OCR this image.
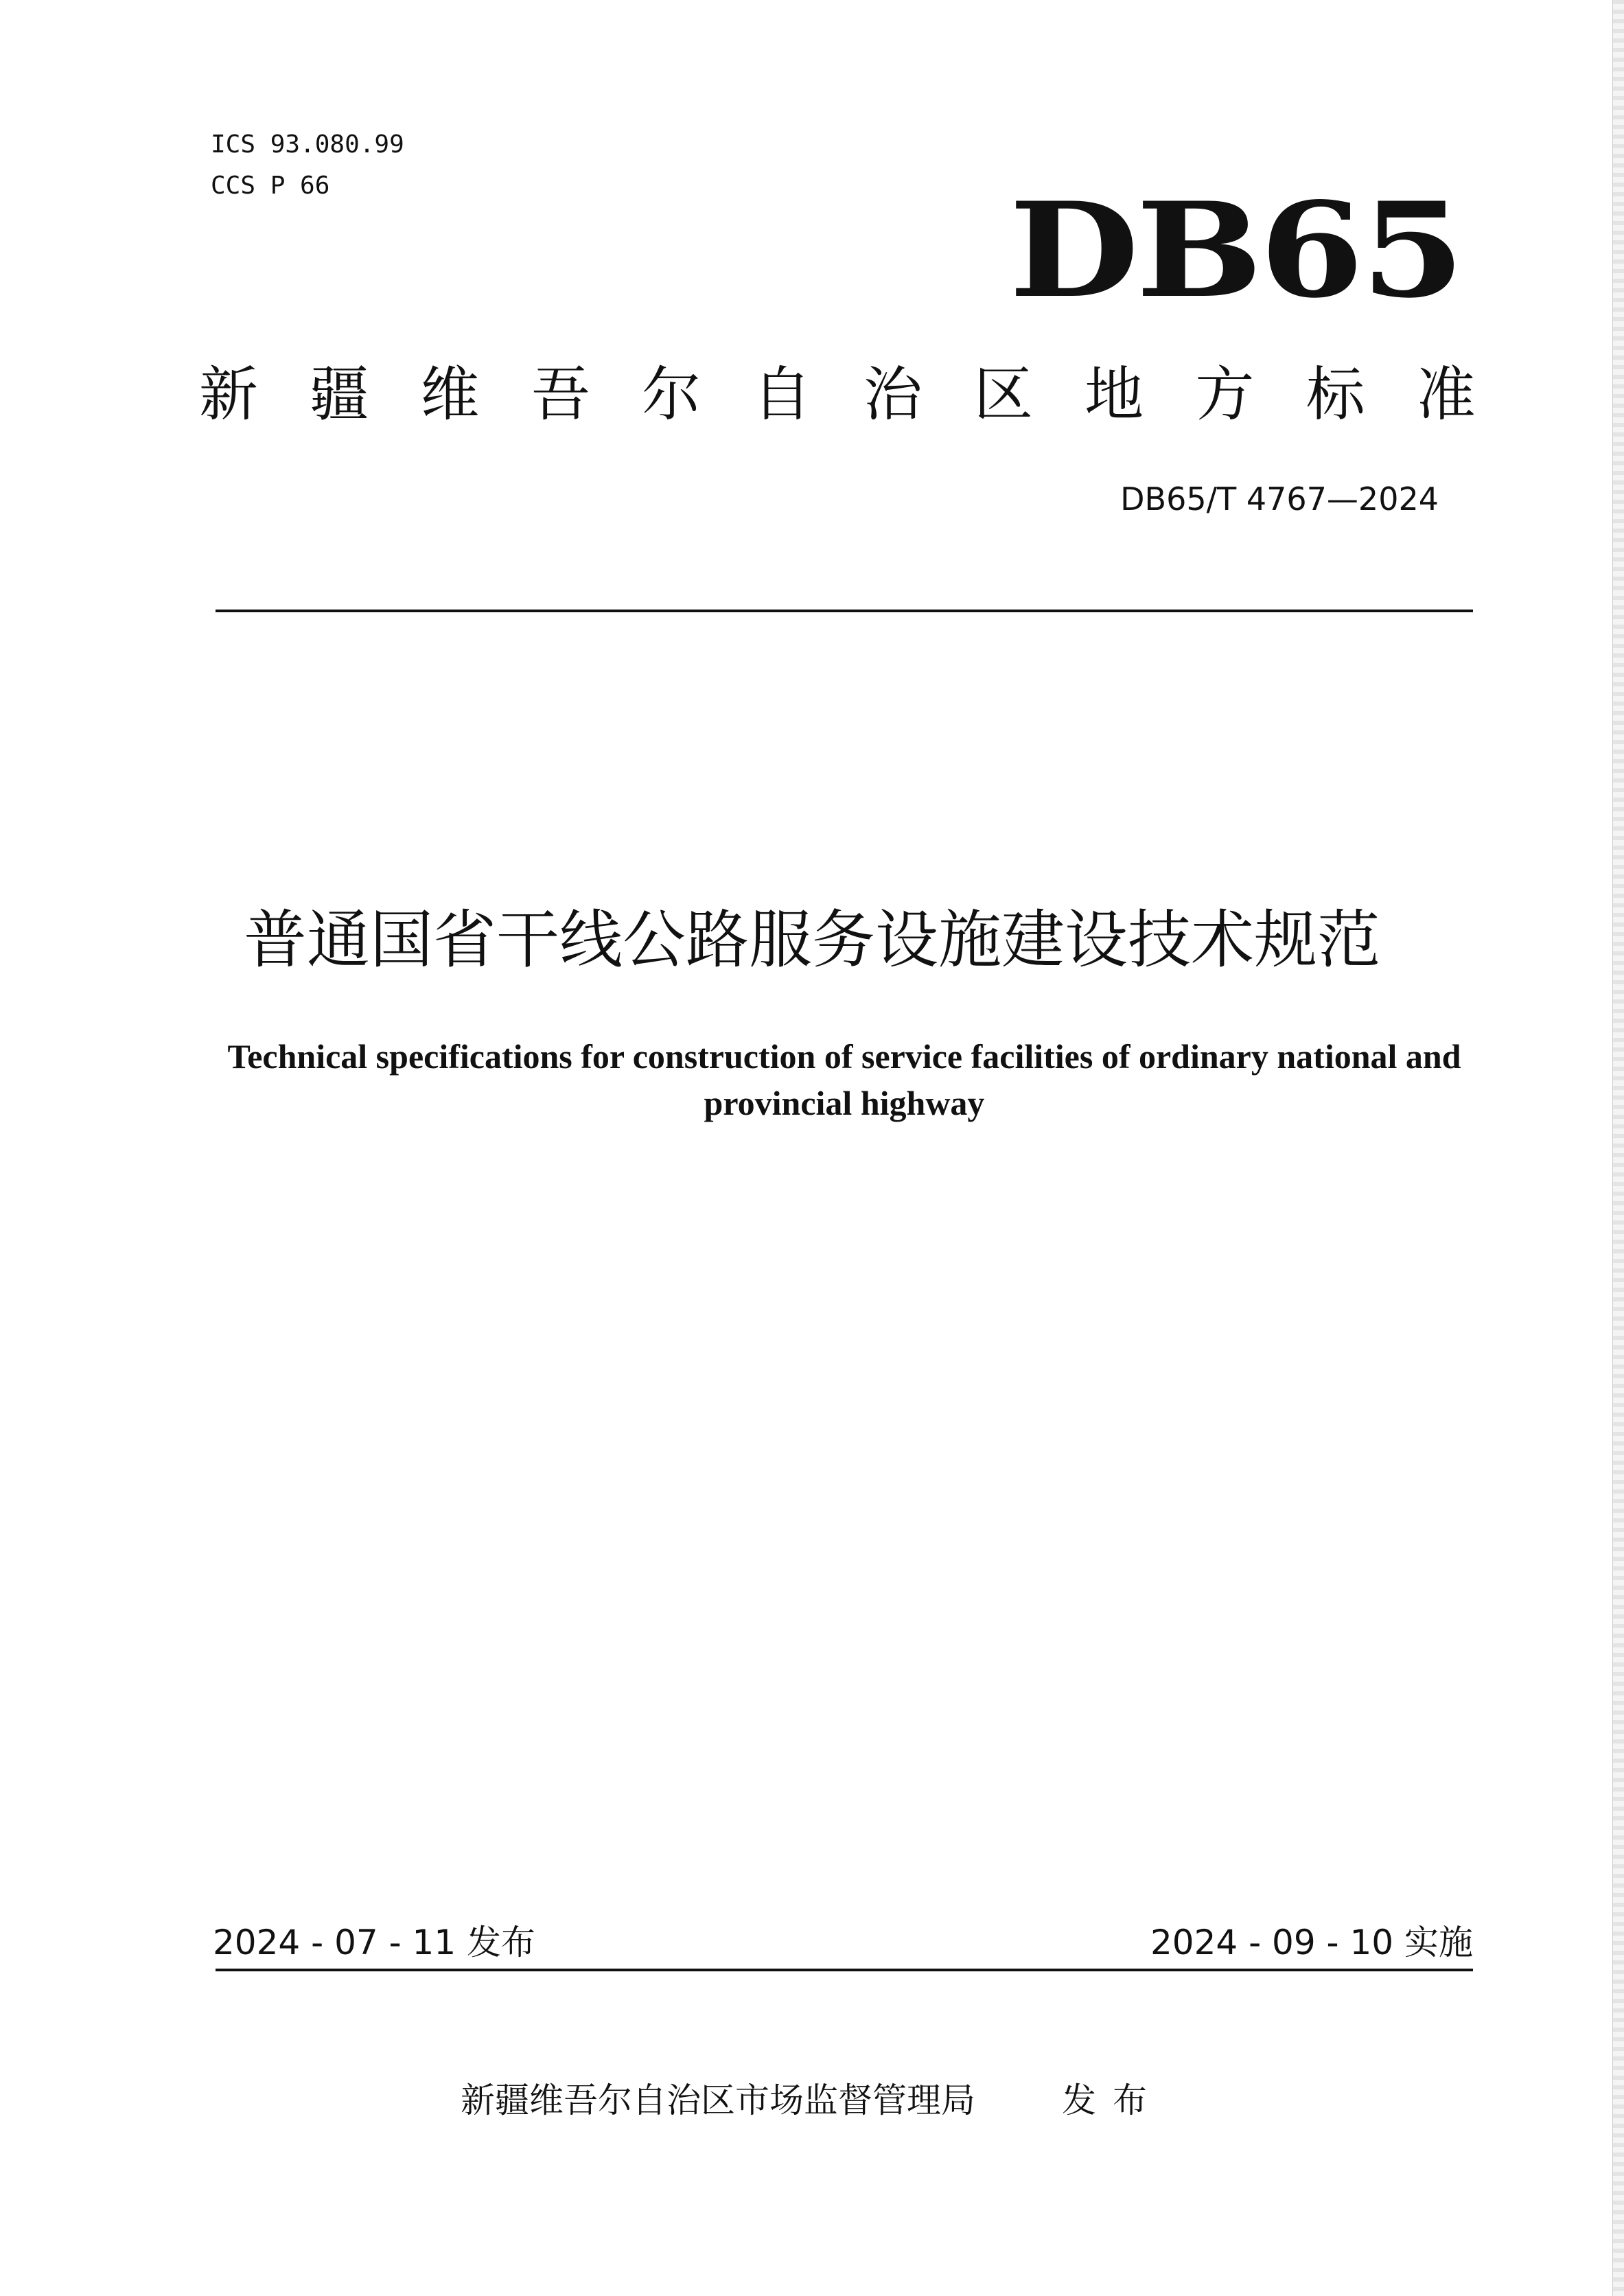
ICS 93.080.99
CCS P 66	DB65
新 疆 维 吾 尔 自 治 区 地 方 标 准
DB65/T 4767—2024
普通国省干线公路服务设施建设技术规范
Technical specifications for construction of service facilities of ordinary national and provincial highway
2024 - 07 - 11 发布	2024 - 09 - 10 实施
新疆维吾尔自治区市场监督管理局	发布
